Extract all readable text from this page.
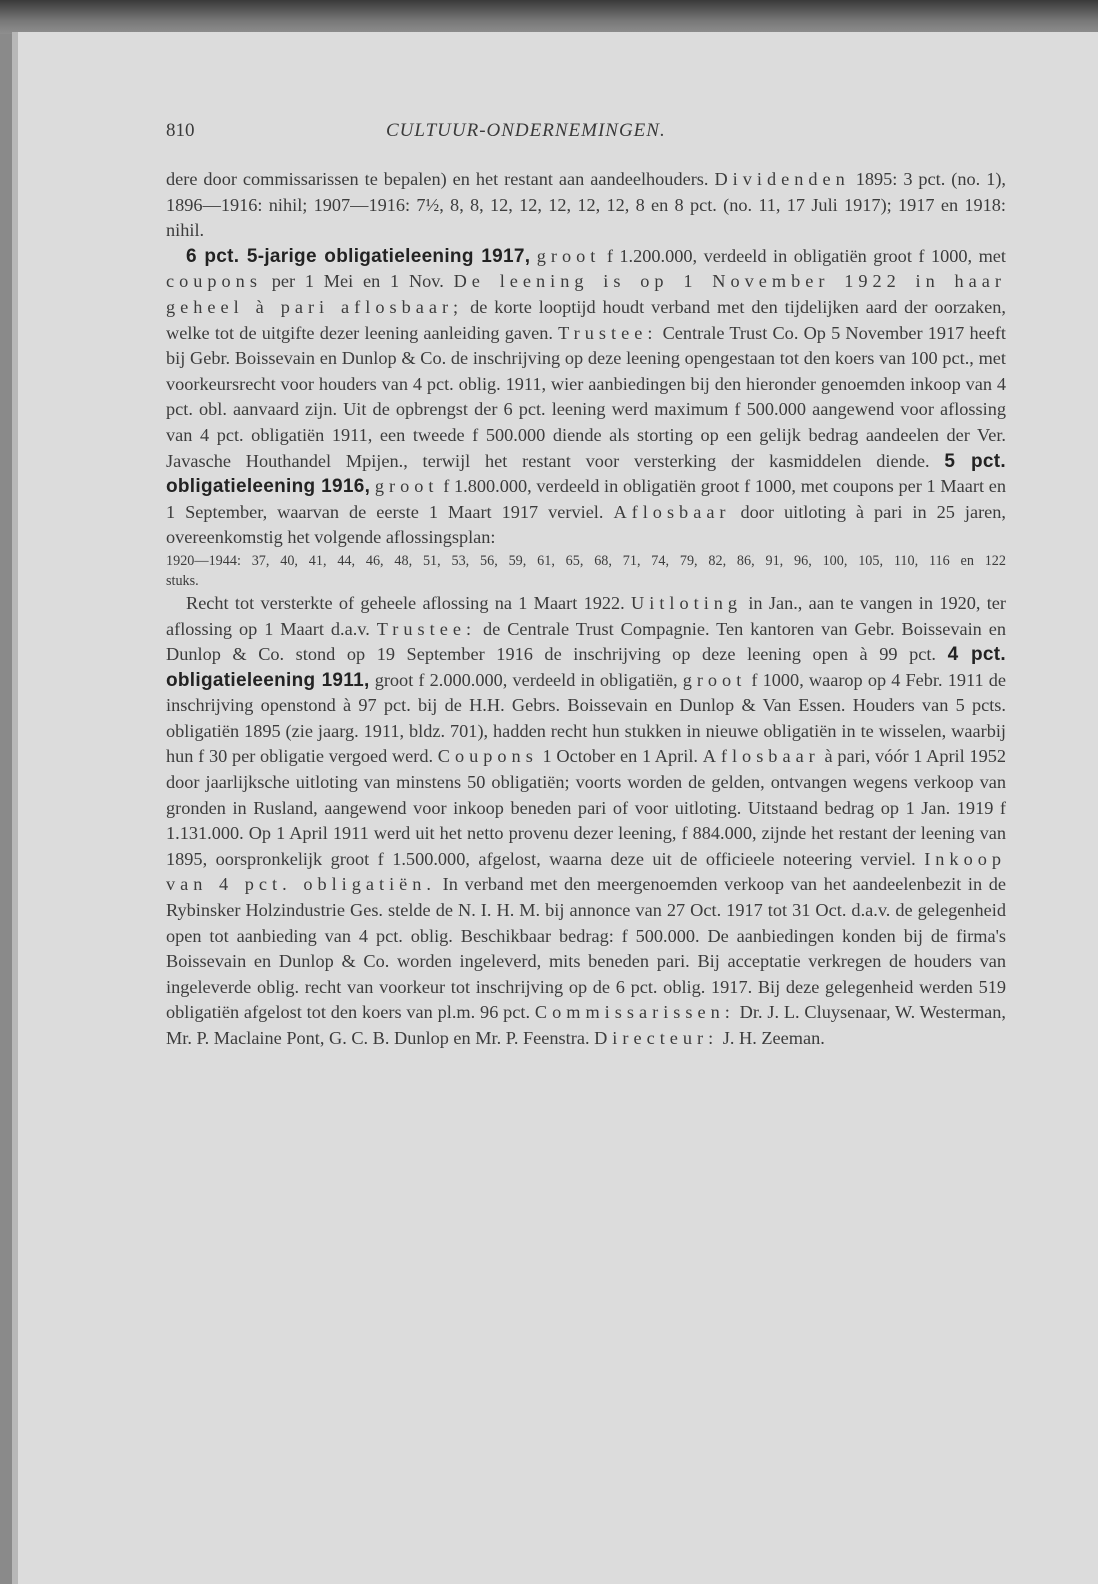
810	CULTUUR-ONDERNEMINGEN.

dere door commissarissen te bepalen) en het restant aan aandeelhouders. Dividenden 1895: 3 pct. (no. 1), 1896—1916: nihil; 1907—1916: 7½, 8, 8, 12, 12, 12, 12, 12, 8 en 8 pct. (no. 11, 17 Juli 1917); 1917 en 1918: nihil.

6 pct. 5-jarige obligatieleening 1917, groot f 1.200.000, verdeeld in obligatiën groot f 1000, met coupons per 1 Mei en 1 Nov. De leening is op 1 November 1922 in haar geheel à pari aflosbaar; de korte looptijd houdt verband met den tijdelijken aard der oorzaken, welke tot de uitgifte dezer leening aanleiding gaven. Trustee: Centrale Trust Co. Op 5 November 1917 heeft bij Gebr. Boissevain en Dunlop & Co. de inschrijving op deze leening opengestaan tot den koers van 100 pct., met voorkeursrecht voor houders van 4 pct. oblig. 1911, wier aanbiedingen bij den hieronder genoemden inkoop van 4 pct. obl. aanvaard zijn. Uit de opbrengst der 6 pct. leening werd maximum f 500.000 aangewend voor aflossing van 4 pct. obligatiën 1911, een tweede f 500.000 diende als storting op een gelijk bedrag aandeelen der Ver. Javasche Houthandel Mpijen., terwijl het restant voor versterking der kasmiddelen diende. 5 pct. obligatieleening 1916, groot f 1.800.000, verdeeld in obligatiën groot f 1000, met coupons per 1 Maart en 1 September, waarvan de eerste 1 Maart 1917 verviel. Aflosbaar door uitloting à pari in 25 jaren, overeenkomstig het volgende aflossingsplan:

1920—1944: 37, 40, 41, 44, 46, 48, 51, 53, 56, 59, 61, 65, 68, 71, 74, 79, 82, 86, 91, 96, 100, 105, 110, 116 en 122 stuks.

Recht tot versterkte of geheele aflossing na 1 Maart 1922. Uitloting in Jan., aan te vangen in 1920, ter aflossing op 1 Maart d.a.v. Trustee: de Centrale Trust Compagnie. Ten kantoren van Gebr. Boissevain en Dunlop & Co. stond op 19 September 1916 de inschrijving op deze leening open à 99 pct. 4 pct. obligatieleening 1911, groot f 2.000.000, verdeeld in obligatiën, groot f 1000, waarop op 4 Febr. 1911 de inschrijving openstond à 97 pct. bij de H.H. Gebrs. Boissevain en Dunlop & Van Essen. Houders van 5 pcts. obligatiën 1895 (zie jaarg. 1911, bldz. 701), hadden recht hun stukken in nieuwe obligatiën in te wisselen, waarbij hun f 30 per obligatie vergoed werd. Coupons 1 October en 1 April. Aflosbaar à pari, vóór 1 April 1952 door jaarlijksche uitloting van minstens 50 obligatiën; voorts worden de gelden, ontvangen wegens verkoop van gronden in Rusland, aangewend voor inkoop beneden pari of voor uitloting. Uitstaand bedrag op 1 Jan. 1919 f 1.131.000. Op 1 April 1911 werd uit het netto provenu dezer leening, f 884.000, zijnde het restant der leening van 1895, oorspronkelijk groot f 1.500.000, afgelost, waarna deze uit de officieele noteering verviel. Inkoop van 4 pct. obligatiën. In verband met den meergenoemden verkoop van het aandeelenbezit in de Rybinsker Holzindustrie Ges. stelde de N. I. H. M. bij annonce van 27 Oct. 1917 tot 31 Oct. d.a.v. de gelegenheid open tot aanbieding van 4 pct. oblig. Beschikbaar bedrag: f 500.000. De aanbiedingen konden bij de firma's Boissevain en Dunlop & Co. worden ingeleverd, mits beneden pari. Bij acceptatie verkregen de houders van ingeleverde oblig. recht van voorkeur tot inschrijving op de 6 pct. oblig. 1917. Bij deze gelegenheid werden 519 obligatiën afgelost tot den koers van pl.m. 96 pct. Commissarissen: Dr. J. L. Cluysenaar, W. Westerman, Mr. P. Maclaine Pont, G. C. B. Dunlop en Mr. P. Feenstra. Directeur: J. H. Zeeman.
